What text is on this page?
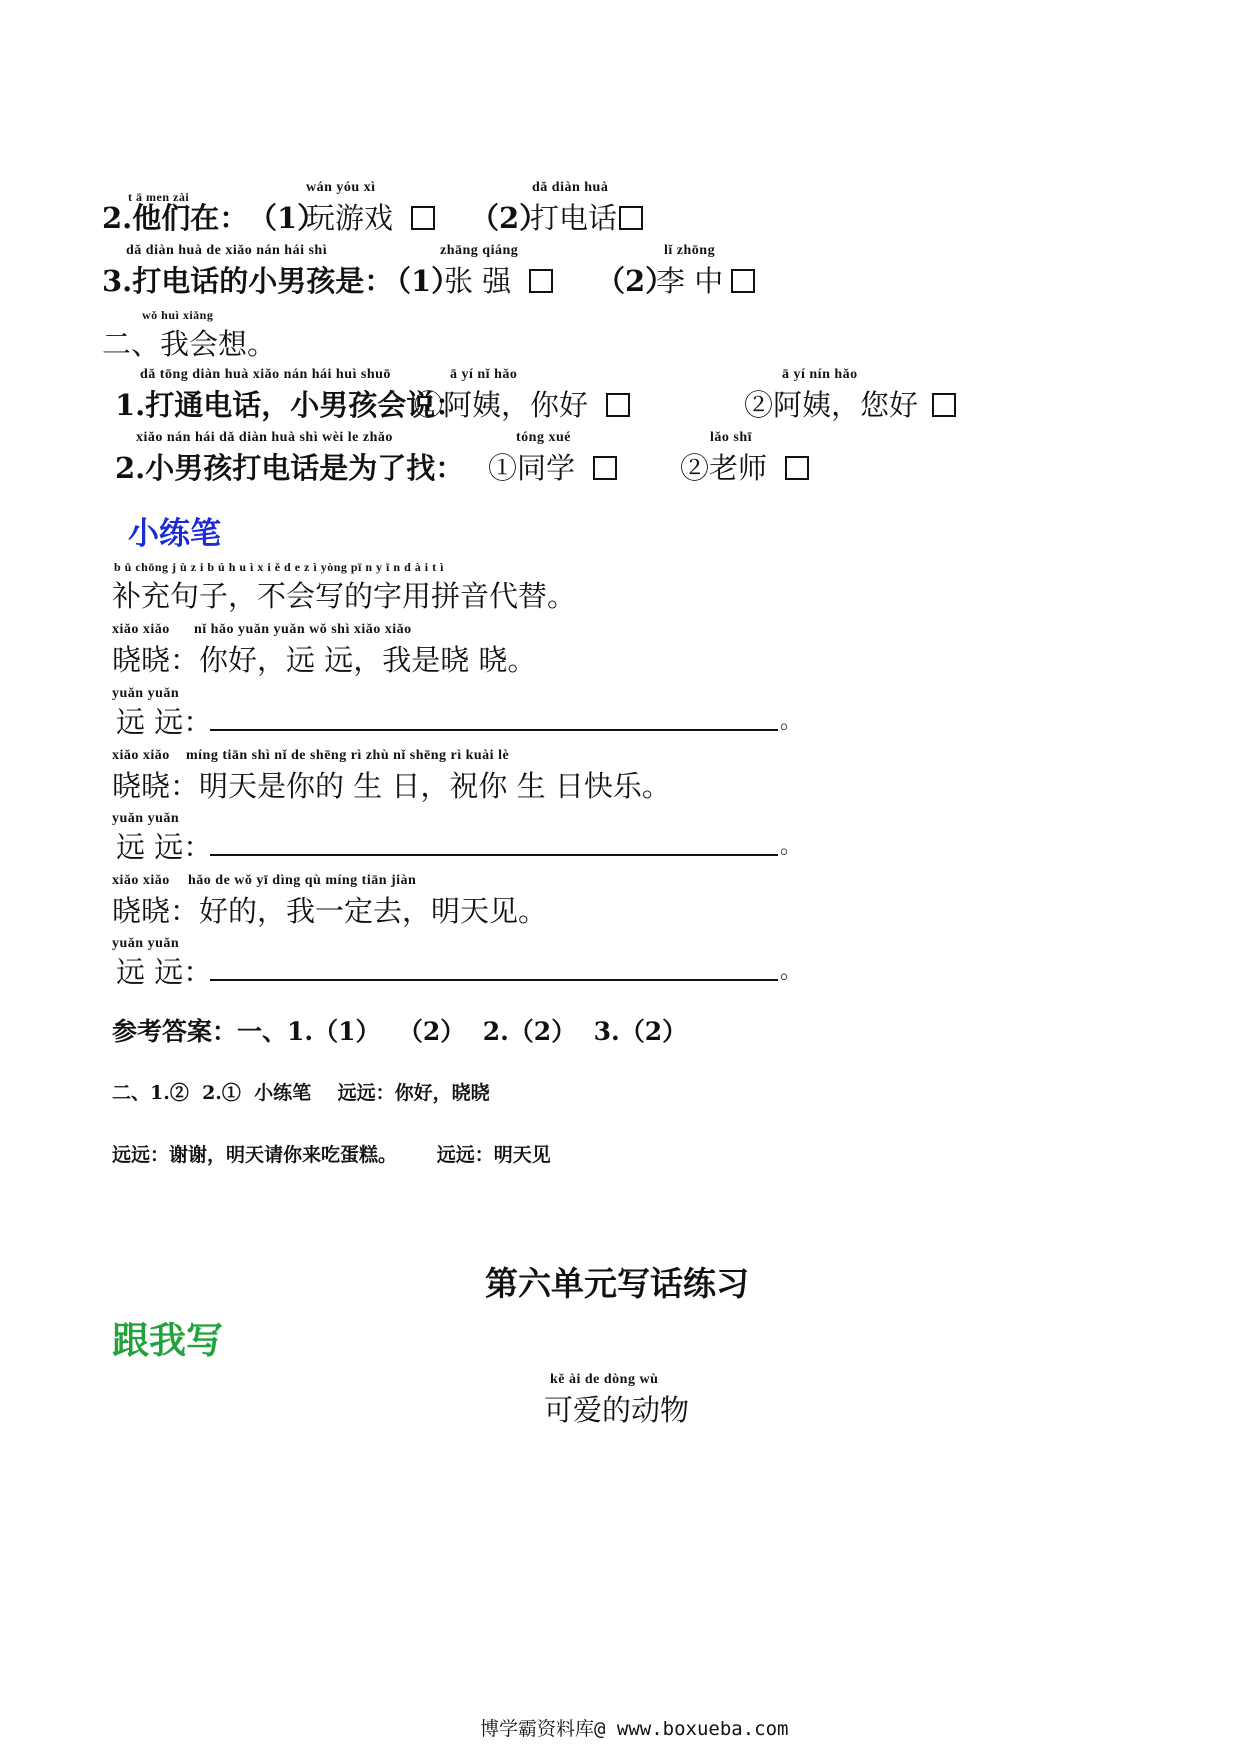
t ā men zài
2.他们在： （1）
wán yóu xì
玩游戏	（2）
dǎ diàn huà
打电话
dǎ diàn huà de xiǎo nán hái shì
3.打电话的小男孩是：
（1）
zhāng qiáng
张 强	（2）
lǐ zhōng
李 中
wǒ huì xiǎng
二、我会想。
dǎ tōng diàn huà xiǎo nán hái huì shuō
1.打通电话，小男孩会说：
ā yí nǐ hǎo
①阿姨，你好
ā yí nín hǎo
②阿姨，您好
xiǎo nán hái dǎ diàn huà shì wèi le zhǎo
2.小男孩打电话是为了找：
tóng xué
①同学
lǎo shī
②老师
小练笔
b ǔ chōng j ù z i b ú h u ì x i ě d e z ì yòng pī n y ī n d à i t ì
补充句子，不会写的字用拼音代替。
xiǎo xiǎo nǐ hǎo yuǎn yuǎn wǒ shì xiǎo xiǎo
晓晓：你好，远 远，我是晓 晓。
yuǎn yuǎn
远 远：	。
xiǎo xiǎo míng tiān shì nǐ de shēng rì zhù nǐ shēng rì kuài lè
晓晓：明天是你的 生 日，祝你 生 日快乐。
yuǎn yuǎn
远 远：	。
xiǎo xiǎo hǎo de wǒ yī dìng qù míng tiān jiàn
晓晓：好的，我一定去，明天见。
yuǎn yuǎn
远 远：	。
参考答案：一、1.（1）  （2）  2.（2）  3.（2）
二、1.②  2.①  小练笔    远远：你好，晓晓
远远：谢谢，明天请你来吃蛋糕。      远远：明天见
第六单元写话练习
跟我写
kě ài de dòng wù
可爱的动物
博学霸资料库@ www.boxueba.com
